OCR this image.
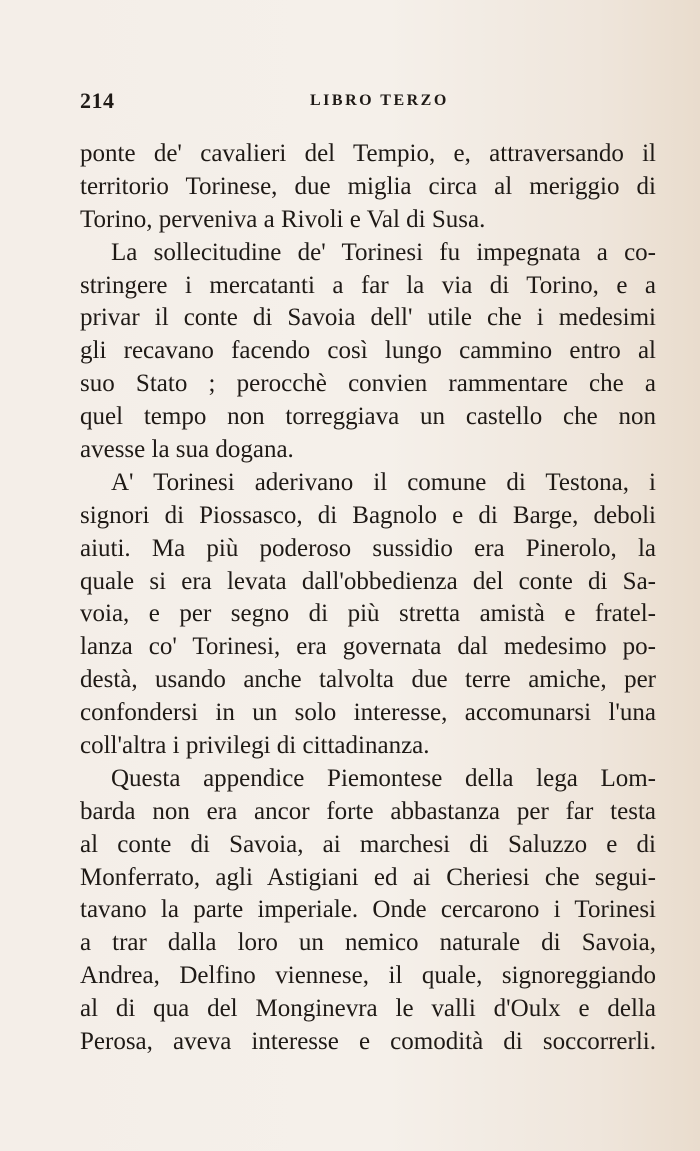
214	LIBRO TERZO
ponte de' cavalieri del Tempio, e, attraversando il
territorio Torinese, due miglia circa al meriggio di
Torino, perveniva a Rivoli e Val di Susa.
La sollecitudine de' Torinesi fu impegnata a co-
stringere i mercatanti a far la via di Torino, e a
privar il conte di Savoia dell' utile che i medesimi
gli recavano facendo così lungo cammino entro al
suo Stato ; perocchè convien rammentare che a
quel tempo non torreggiava un castello che non
avesse la sua dogana.
A' Torinesi aderivano il comune di Testona, i
signori di Piossasco, di Bagnolo e di Barge, deboli
aiuti. Ma più poderoso sussidio era Pinerolo, la
quale si era levata dall'obbedienza del conte di Sa-
voia, e per segno di più stretta amistà e fratel-
lanza co' Torinesi, era governata dal medesimo po-
destà, usando anche talvolta due terre amiche, per
confondersi in un solo interesse, accomunarsi l'una
coll'altra i privilegi di cittadinanza.
Questa appendice Piemontese della lega Lom-
barda non era ancor forte abbastanza per far testa
al conte di Savoia, ai marchesi di Saluzzo e di
Monferrato, agli Astigiani ed ai Cheriesi che segui-
tavano la parte imperiale. Onde cercarono i Torinesi
a trar dalla loro un nemico naturale di Savoia,
Andrea, Delfino viennese, il quale, signoreggiando
al di qua del Monginevra le valli d'Oulx e della
Perosa, aveva interesse e comodità di soccorrerli.
